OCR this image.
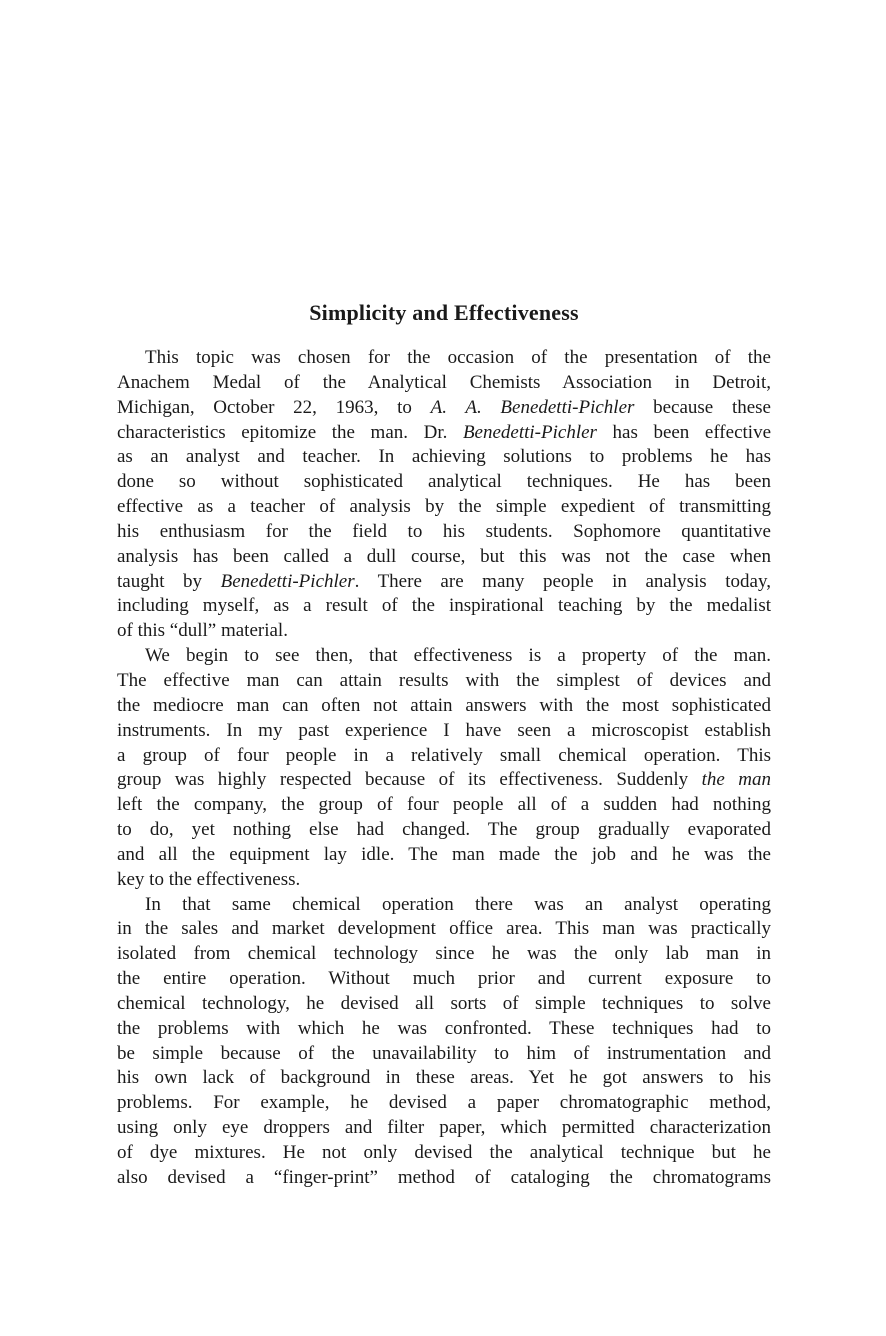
Simplicity and Effectiveness
This topic was chosen for the occasion of the presentation of the
Anachem Medal of the Analytical Chemists Association in Detroit,
Michigan, October 22, 1963, to A. A. Benedetti-Pichler because these
characteristics epitomize the man. Dr. Benedetti-Pichler has been effective
as an analyst and teacher. In achieving solutions to problems he has
done so without sophisticated analytical techniques. He has been
effective as a teacher of analysis by the simple expedient of transmitting
his enthusiasm for the field to his students. Sophomore quantitative
analysis has been called a dull course, but this was not the case when
taught by Benedetti-Pichler. There are many people in analysis today,
including myself, as a result of the inspirational teaching by the medalist
of this “dull” material.
We begin to see then, that effectiveness is a property of the man.
The effective man can attain results with the simplest of devices and
the mediocre man can often not attain answers with the most sophisticated
instruments. In my past experience I have seen a microscopist establish
a group of four people in a relatively small chemical operation. This
group was highly respected because of its effectiveness. Suddenly the man
left the company, the group of four people all of a sudden had nothing
to do, yet nothing else had changed. The group gradually evaporated
and all the equipment lay idle. The man made the job and he was the
key to the effectiveness.
In that same chemical operation there was an analyst operating
in the sales and market development office area. This man was practically
isolated from chemical technology since he was the only lab man in
the entire operation. Without much prior and current exposure to
chemical technology, he devised all sorts of simple techniques to solve
the problems with which he was confronted. These techniques had to
be simple because of the unavailability to him of instrumentation and
his own lack of background in these areas. Yet he got answers to his
problems. For example, he devised a paper chromatographic method,
using only eye droppers and filter paper, which permitted characterization
of dye mixtures. He not only devised the analytical technique but he
also devised a “finger-print” method of cataloging the chromatograms
